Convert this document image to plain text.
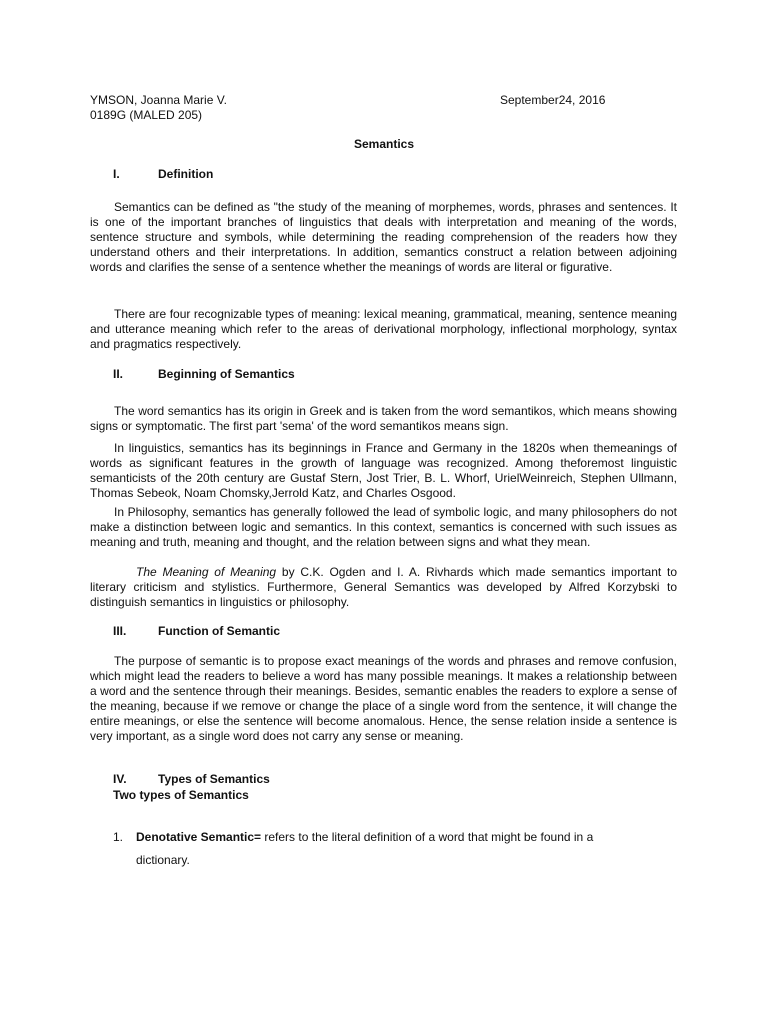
YMSON, Joanna Marie V.
0189G (MALED 205)
September24, 2016
Semantics
I.	Definition

Semantics can be defined as "the study of the meaning of morphemes, words, phrases and sentences. It is one of the important branches of linguistics that deals with interpretation and meaning of the words, sentence structure and symbols, while determining the reading comprehension of the readers how they understand others and their interpretations. In addition, semantics construct a relation between adjoining words and clarifies the sense of a sentence whether the meanings of words are literal or figurative.

There are four recognizable types of meaning: lexical meaning, grammatical, meaning, sentence meaning and utterance meaning which refer to the areas of derivational morphology, inflectional morphology, syntax and pragmatics respectively.

II.	Beginning of Semantics

The word semantics has its origin in Greek and is taken from the word semantikos, which means showing signs or symptomatic. The first part 'sema' of the word semantikos means sign.

In linguistics, semantics has its beginnings in France and Germany in the 1820s when themeanings of words as significant features in the growth of language was recognized. Among theforemost linguistic semanticists of the 20th century are Gustaf Stern, Jost Trier, B. L. Whorf, UrielWeinreich, Stephen Ullmann, Thomas Sebeok, Noam Chomsky,Jerrold Katz, and Charles Osgood.

In Philosophy, semantics has generally followed the lead of symbolic logic, and many philosophers do not make a distinction between logic and semantics. In this context, semantics is concerned with such issues as meaning and truth, meaning and thought, and the relation between signs and what they mean.

The Meaning of Meaning by C.K. Ogden and I. A. Rivhards which made semantics important to literary criticism and stylistics. Furthermore, General Semantics was developed by Alfred Korzybski to distinguish semantics in linguistics or philosophy.

III.	Function of Semantic

The purpose of semantic is to propose exact meanings of the words and phrases and remove confusion, which might lead the readers to believe a word has many possible meanings. It makes a relationship between a word and the sentence through their meanings. Besides, semantic enables the readers to explore a sense of the meaning, because if we remove or change the place of a single word from the sentence, it will change the entire meanings, or else the sentence will become anomalous. Hence, the sense relation inside a sentence is very important, as a single word does not carry any sense or meaning.

IV.	Types of Semantics
Two types of Semantics
1. Denotative Semantic= refers to the literal definition of a word that might be found in a
dictionary.
